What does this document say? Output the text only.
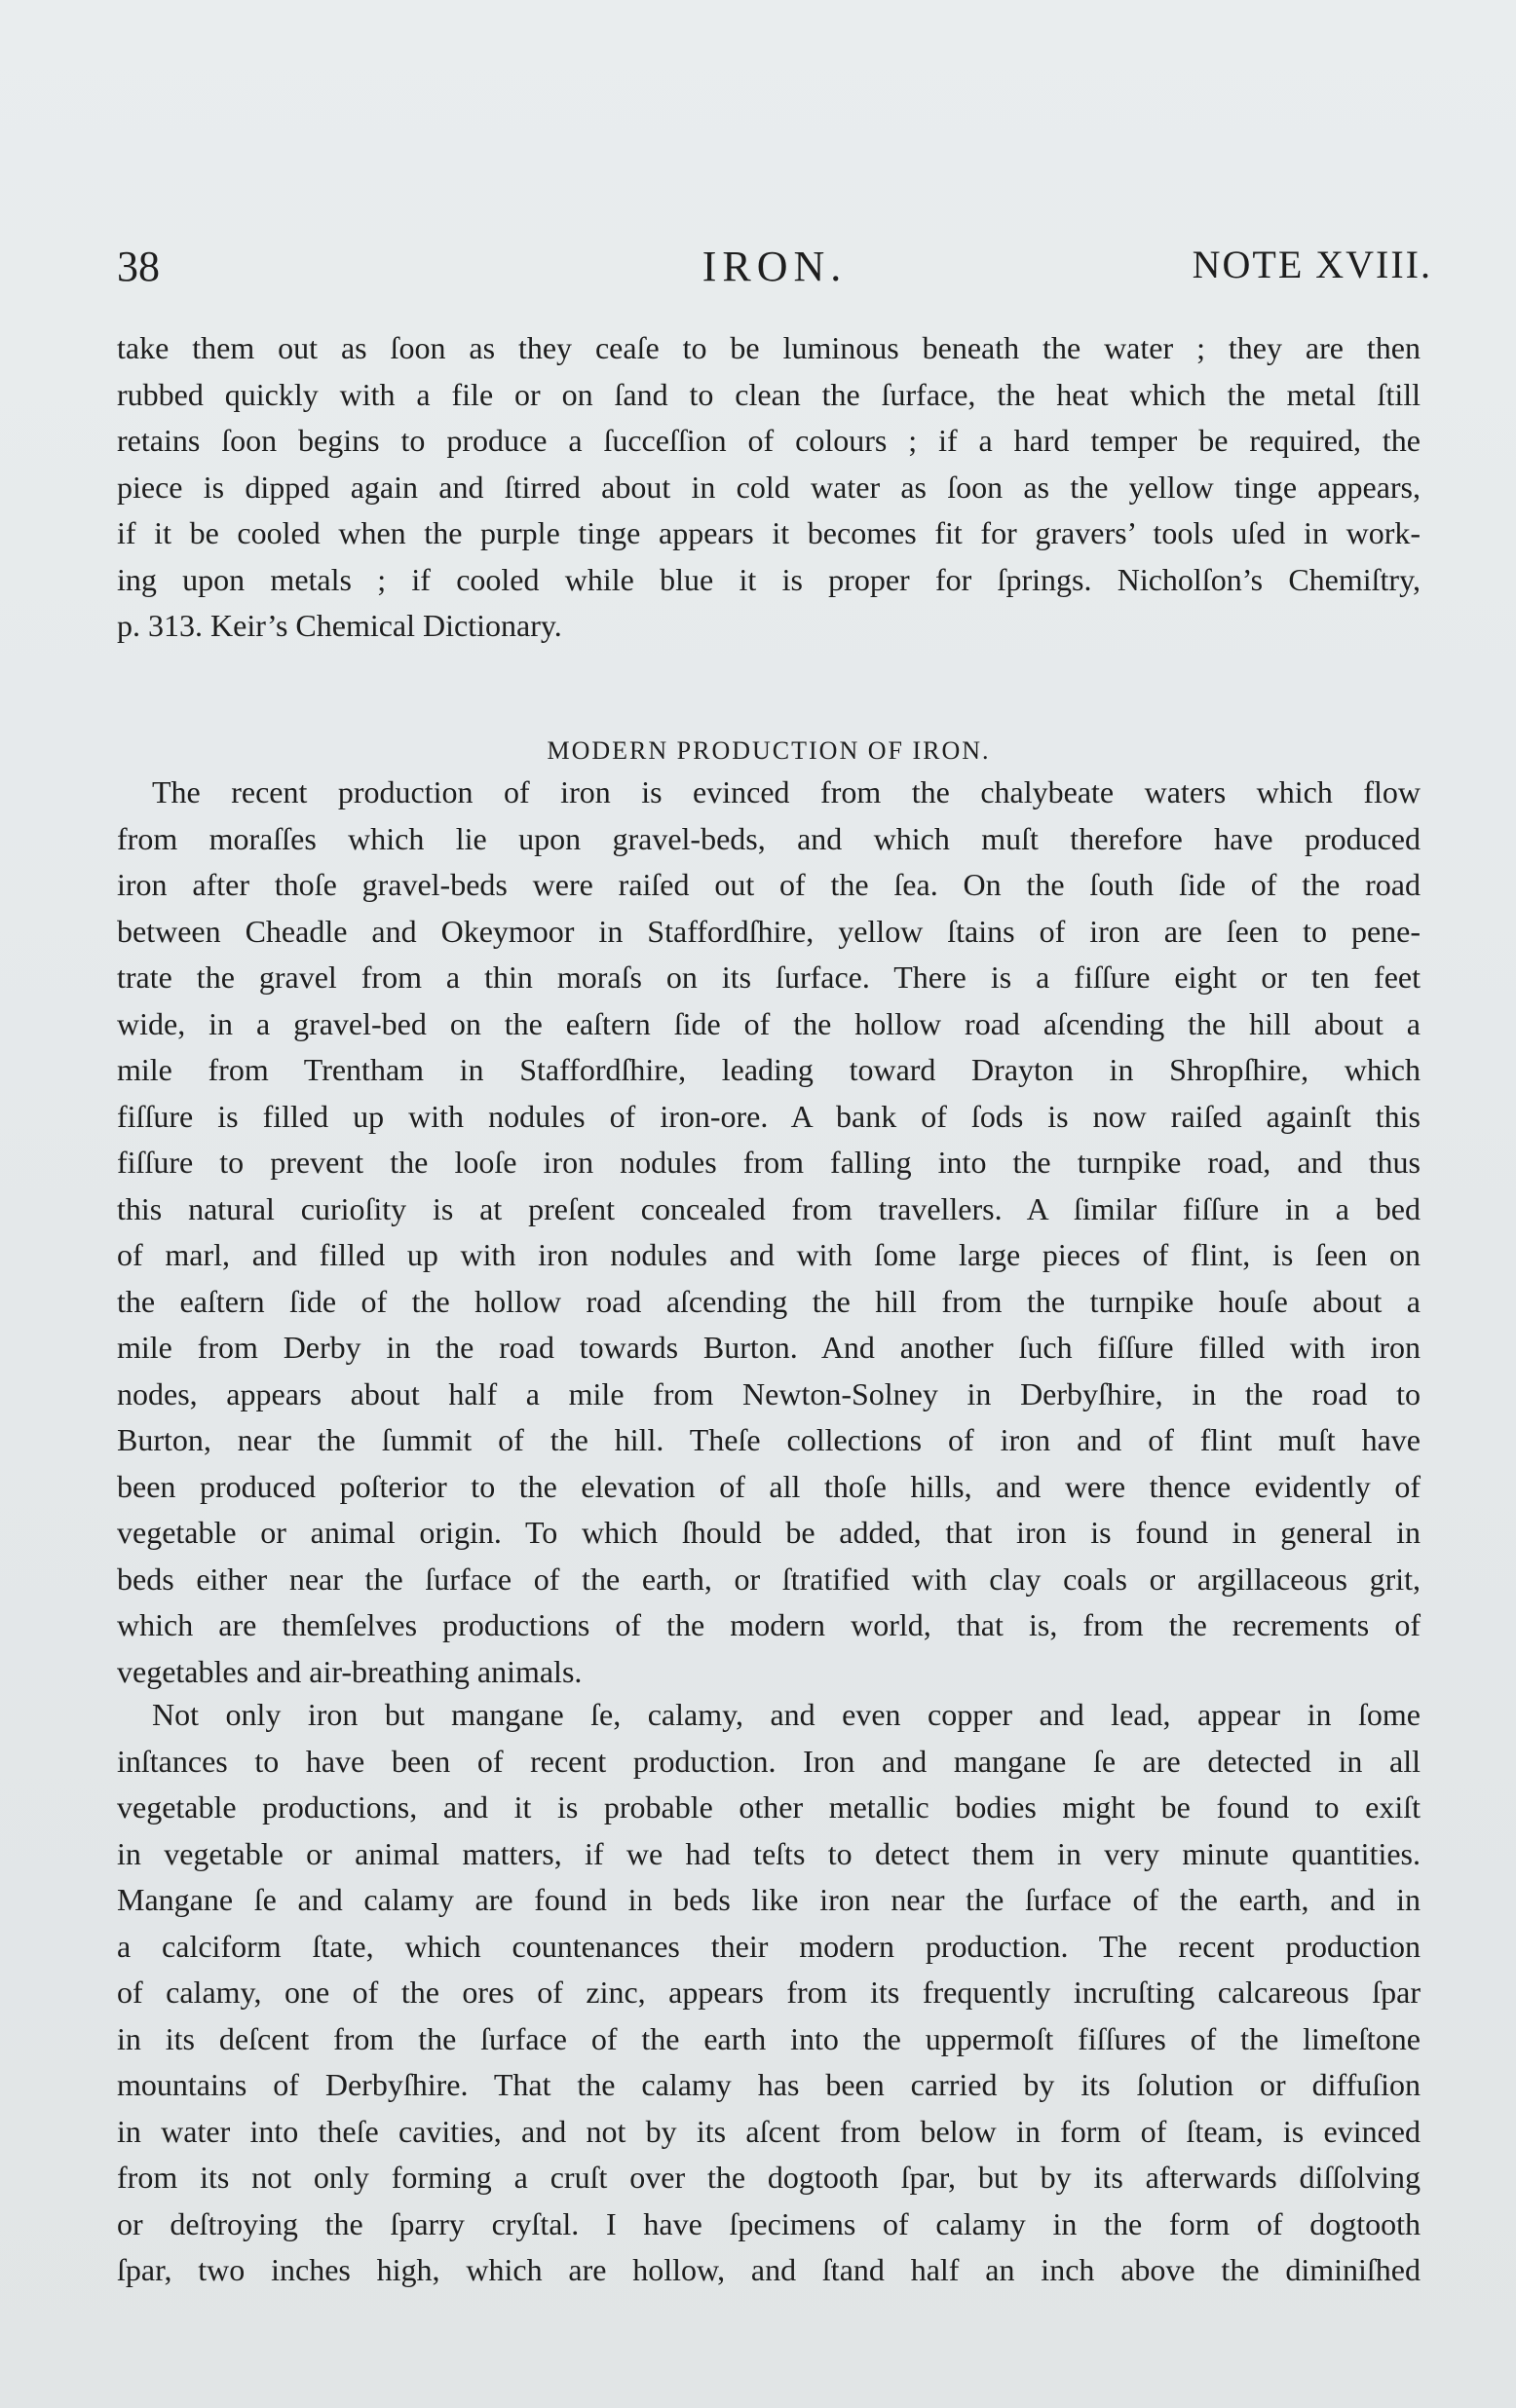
38	IRON.	NOTE XVIII.
take them out as ſoon as they ceaſe to be luminous beneath the water ; they are then
rubbed quickly with a file or on ſand to clean the ſurface, the heat which the metal ſtill
retains ſoon begins to produce a ſucceſſion of colours ; if a hard temper be required, the
piece is dipped again and ſtirred about in cold water as ſoon as the yellow tinge appears,
if it be cooled when the purple tinge appears it becomes fit for gravers’ tools uſed in work-
ing upon metals ; if cooled while blue it is proper for ſprings. Nicholſon’s Chemiſtry,
p. 313. Keir’s Chemical Dictionary.
MODERN PRODUCTION OF IRON.
The recent production of iron is evinced from the chalybeate waters which flow
from moraſſes which lie upon gravel-beds, and which muſt therefore have produced
iron after thoſe gravel-beds were raiſed out of the ſea. On the ſouth ſide of the road
between Cheadle and Okeymoor in Staffordſhire, yellow ſtains of iron are ſeen to pene-
trate the gravel from a thin moraſs on its ſurface. There is a fiſſure eight or ten feet
wide, in a gravel-bed on the eaſtern ſide of the hollow road aſcending the hill about a
mile from Trentham in Staffordſhire, leading toward Drayton in Shropſhire, which
fiſſure is filled up with nodules of iron-ore. A bank of ſods is now raiſed againſt this
fiſſure to prevent the looſe iron nodules from falling into the turnpike road, and thus
this natural curioſity is at preſent concealed from travellers. A ſimilar fiſſure in a bed
of marl, and filled up with iron nodules and with ſome large pieces of flint, is ſeen on
the eaſtern ſide of the hollow road aſcending the hill from the turnpike houſe about a
mile from Derby in the road towards Burton. And another ſuch fiſſure filled with iron
nodes, appears about half a mile from Newton-Solney in Derbyſhire, in the road to
Burton, near the ſummit of the hill. Theſe collections of iron and of flint muſt have
been produced poſterior to the elevation of all thoſe hills, and were thence evidently of
vegetable or animal origin. To which ſhould be added, that iron is found in general in
beds either near the ſurface of the earth, or ſtratified with clay coals or argillaceous grit,
which are themſelves productions of the modern world, that is, from the recrements of
vegetables and air-breathing animals.
Not only iron but mangane ſe, calamy, and even copper and lead, appear in ſome
inſtances to have been of recent production. Iron and mangane ſe are detected in all
vegetable productions, and it is probable other metallic bodies might be found to exiſt
in vegetable or animal matters, if we had teſts to detect them in very minute quantities.
Mangane ſe and calamy are found in beds like iron near the ſurface of the earth, and in
a calciform ſtate, which countenances their modern production. The recent production
of calamy, one of the ores of zinc, appears from its frequently incruſting calcareous ſpar
in its deſcent from the ſurface of the earth into the uppermoſt fiſſures of the limeſtone
mountains of Derbyſhire. That the calamy has been carried by its ſolution or diffuſion
in water into theſe cavities, and not by its aſcent from below in form of ſteam, is evinced
from its not only forming a cruſt over the dogtooth ſpar, but by its afterwards diſſolving
or deſtroying the ſparry cryſtal. I have ſpecimens of calamy in the form of dogtooth
ſpar, two inches high, which are hollow, and ſtand half an inch above the diminiſhed
